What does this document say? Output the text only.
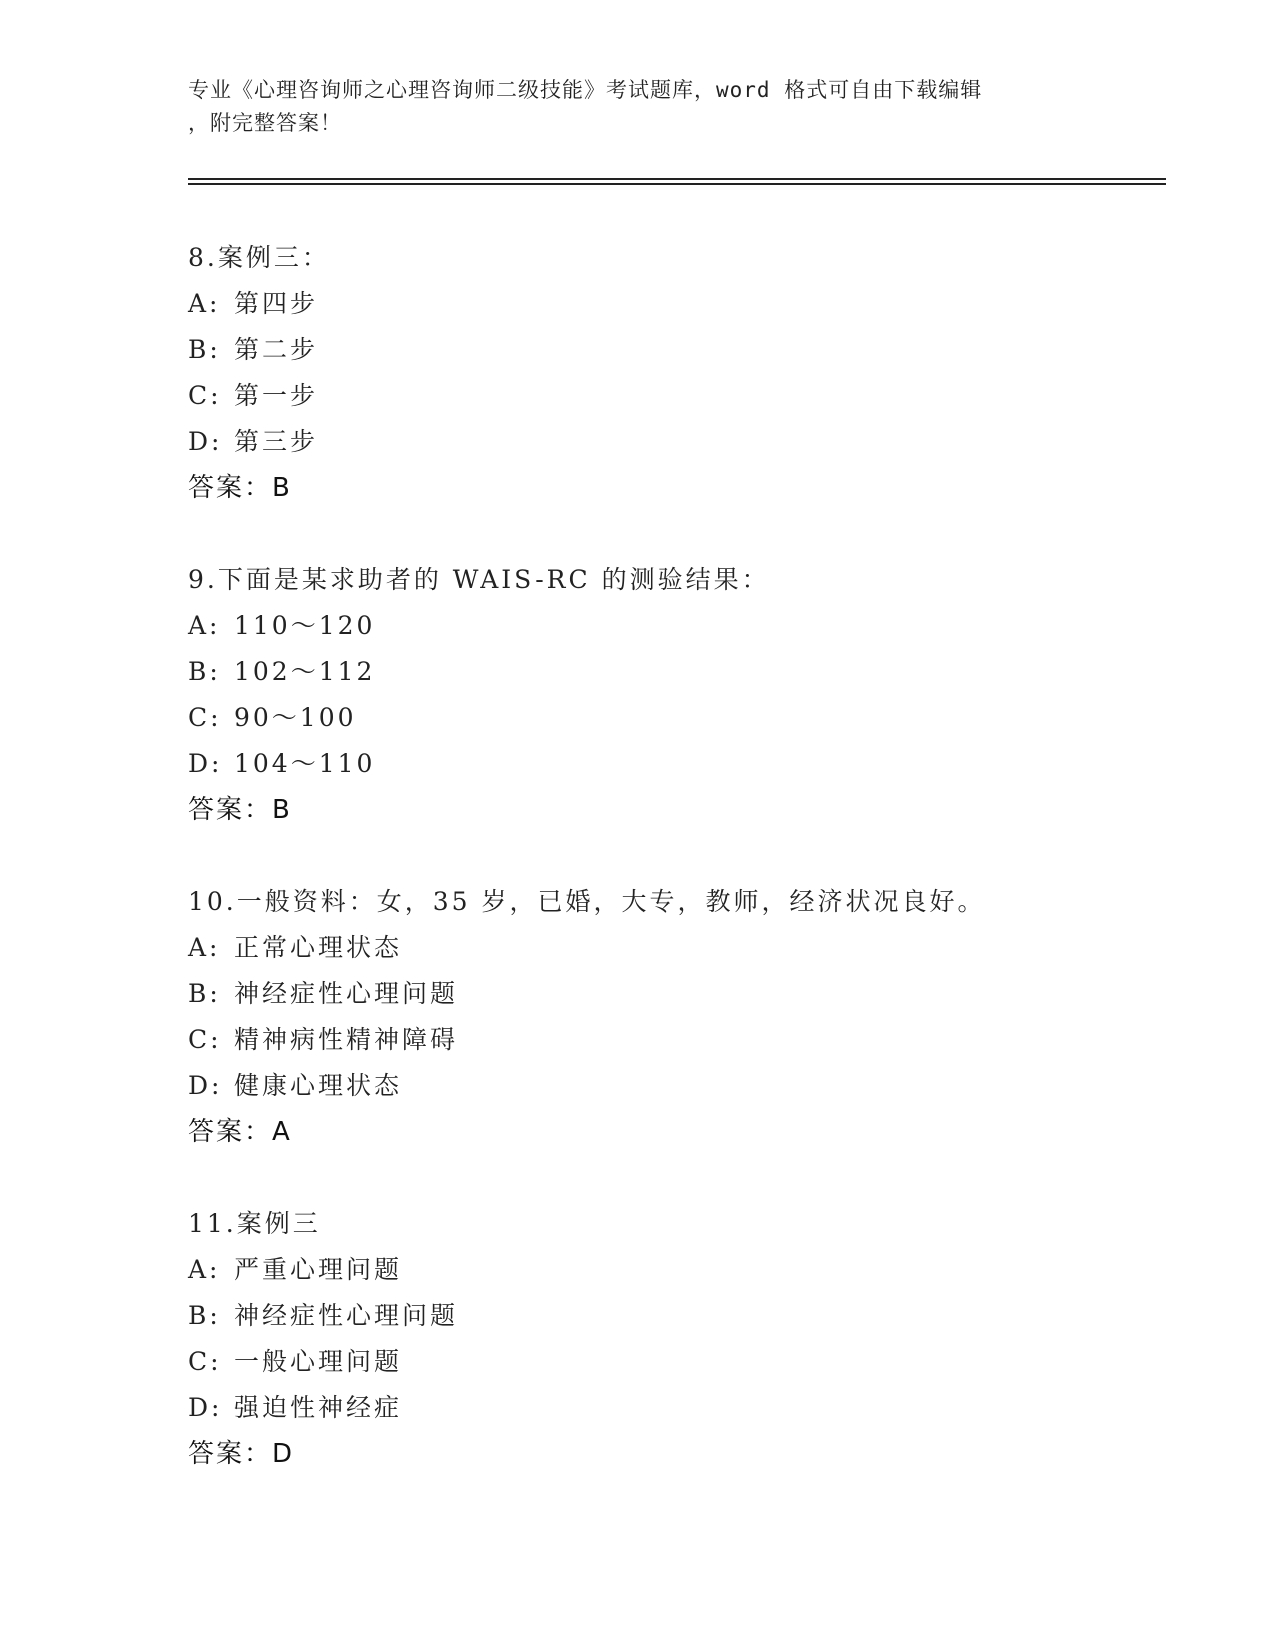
专业《心理咨询师之心理咨询师二级技能》考试题库，word 格式可自由下载编辑
，附完整答案！
8.案例三：
A: 第四步
B: 第二步
C: 第一步
D: 第三步
答案：B
9.下面是某求助者的 WAIS-RC 的测验结果：
A: 110～120
B: 102～112
C: 90～100
D: 104～110
答案：B
10.一般资料：女，35 岁，已婚，大专，教师，经济状况良好。
A: 正常心理状态
B: 神经症性心理问题
C: 精神病性精神障碍
D: 健康心理状态
答案：A
11.案例三
A: 严重心理问题
B: 神经症性心理问题
C: 一般心理问题
D: 强迫性神经症
答案：D
